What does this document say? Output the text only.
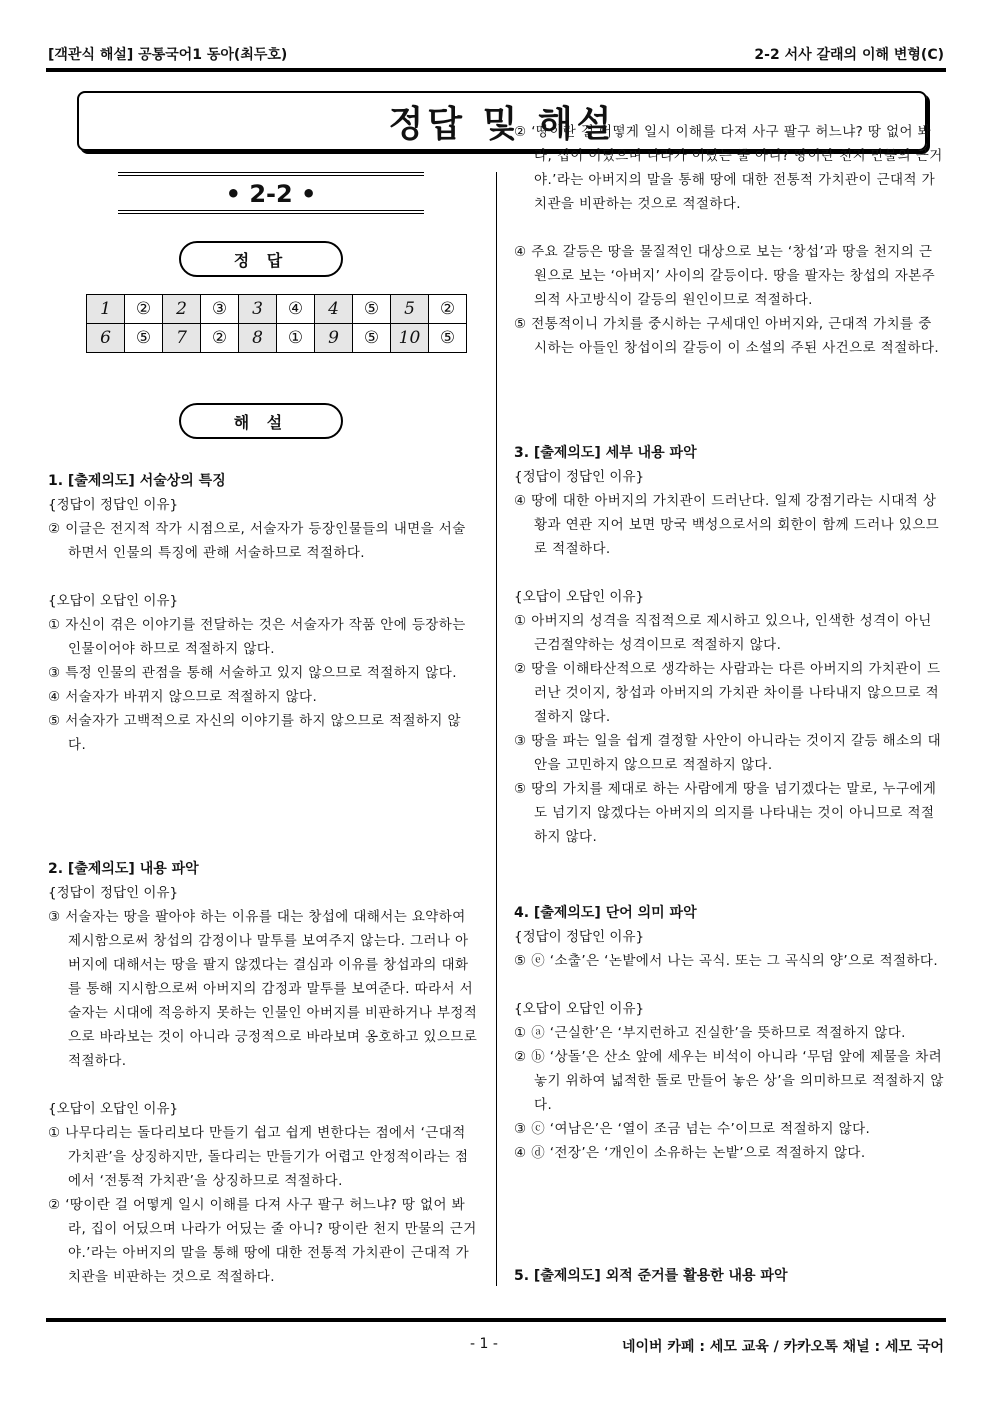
[객관식 해설] 공통국어1 동아(최두호)	2-2 서사 갈래의 이해 변형(C)
정답 및 해설
• 2-2 •
정 답
1	②	2	③	3	④	4	⑤	5	②
6	⑤	7	②	8	①	9	⑤	10	⑤
해 설
1. [출제의도] 서술상의 특징
{정답이 정답인 이유}
② 이글은 전지적 작가 시점으로, 서술자가 등장인물들의 내면을 서술하면서 인물의 특징에 관해 서술하므로 적절하다.
{오답이 오답인 이유}
① 자신이 겪은 이야기를 전달하는 것은 서술자가 작품 안에 등장하는 인물이어야 하므로 적절하지 않다.
③ 특정 인물의 관점을 통해 서술하고 있지 않으므로 적절하지 않다.
④ 서술자가 바뀌지 않으므로 적절하지 않다.
⑤ 서술자가 고백적으로 자신의 이야기를 하지 않으므로 적절하지 않다.
2. [출제의도] 내용 파악
{정답이 정답인 이유}
③ 서술자는 땅을 팔아야 하는 이유를 대는 창섭에 대해서는 요약하여 제시함으로써 창섭의 감정이나 말투를 보여주지 않는다. 그러나 아버지에 대해서는 땅을 팔지 않겠다는 결심과 이유를 창섭과의 대화를 통해 지시함으로써 아버지의 감정과 말투를 보여준다. 따라서 서술자는 시대에 적응하지 못하는 인물인 아버지를 비판하거나 부정적으로 바라보는 것이 아니라 긍정적으로 바라보며 옹호하고 있으므로 적절하다.
{오답이 오답인 이유}
① 나무다리는 돌다리보다 만들기 쉽고 쉽게 변한다는 점에서 ‘근대적 가치관’을 상징하지만, 돌다리는 만들기가 어렵고 안정적이라는 점에서 ‘전통적 가치관’을 상징하므로 적절하다.
② ‘땅이란 걸 어떻게 일시 이해를 다져 사구 팔구 허느냐? 땅 없어 봐라, 집이 어딨으며 나라가 어딨는 줄 아니? 땅이란 천지 만물의 근거야.’라는 아버지의 말을 통해 땅에 대한 전통적 가치관이 근대적 가치관을 비판하는 것으로 적절하다.
② ‘땅이란 걸 어떻게 일시 이해를 다져 사구 팔구 허느냐? 땅 없어 봐라, 집이 어딨으며 나라가 어딨는 줄 아니? 땅이란 천지 만물의 근거야.’라는 아버지의 말을 통해 땅에 대한 전통적 가치관이 근대적 가치관을 비판하는 것으로 적절하다.
④ 주요 갈등은 땅을 물질적인 대상으로 보는 ‘창섭’과 땅을 천지의 근원으로 보는 ‘아버지’ 사이의 갈등이다. 땅을 팔자는 창섭의 자본주의적 사고방식이 갈등의 원인이므로 적절하다.
⑤ 전통적이니 가치를 중시하는 구세대인 아버지와, 근대적 가치를 중시하는 아들인 창섭이의 갈등이 이 소설의 주된 사건으로 적절하다.
3. [출제의도] 세부 내용 파악
{정답이 정답인 이유}
④ 땅에 대한 아버지의 가치관이 드러난다. 일제 강점기라는 시대적 상황과 연관 지어 보면 망국 백성으로서의 회한이 함께 드러나 있으므로 적절하다.
{오답이 오답인 이유}
① 아버지의 성격을 직접적으로 제시하고 있으나, 인색한 성격이 아닌 근검절약하는 성격이므로 적절하지 않다.
② 땅을 이해타산적으로 생각하는 사람과는 다른 아버지의 가치관이 드러난 것이지, 창섭과 아버지의 가치관 차이를 나타내지 않으므로 적절하지 않다.
③ 땅을 파는 일을 쉽게 결정할 사안이 아니라는 것이지 갈등 해소의 대안을 고민하지 않으므로 적절하지 않다.
⑤ 땅의 가치를 제대로 하는 사람에게 땅을 넘기겠다는 말로, 누구에게도 넘기지 않겠다는 아버지의 의지를 나타내는 것이 아니므로 적절하지 않다.
4. [출제의도] 단어 의미 파악
{정답이 정답인 이유}
⑤ ⓔ ‘소출’은 ‘논밭에서 나는 곡식. 또는 그 곡식의 양’으로 적절하다.
{오답이 오답인 이유}
① ⓐ ‘근실한’은 ‘부지런하고 진실한’을 뜻하므로 적절하지 않다.
② ⓑ ‘상돌’은 산소 앞에 세우는 비석이 아니라 ‘무덤 앞에 제물을 차려 놓기 위하여 넓적한 돌로 만들어 놓은 상’을 의미하므로 적절하지 않다.
③ ⓒ ‘여남은’은 ‘열이 조금 넘는 수’이므로 적절하지 않다.
④ ⓓ ‘전장’은 ‘개인이 소유하는 논밭’으로 적절하지 않다.
5. [출제의도] 외적 준거를 활용한 내용 파악
- 1 -	네이버 카페 : 세모 교육 / 카카오톡 채널 : 세모 국어
